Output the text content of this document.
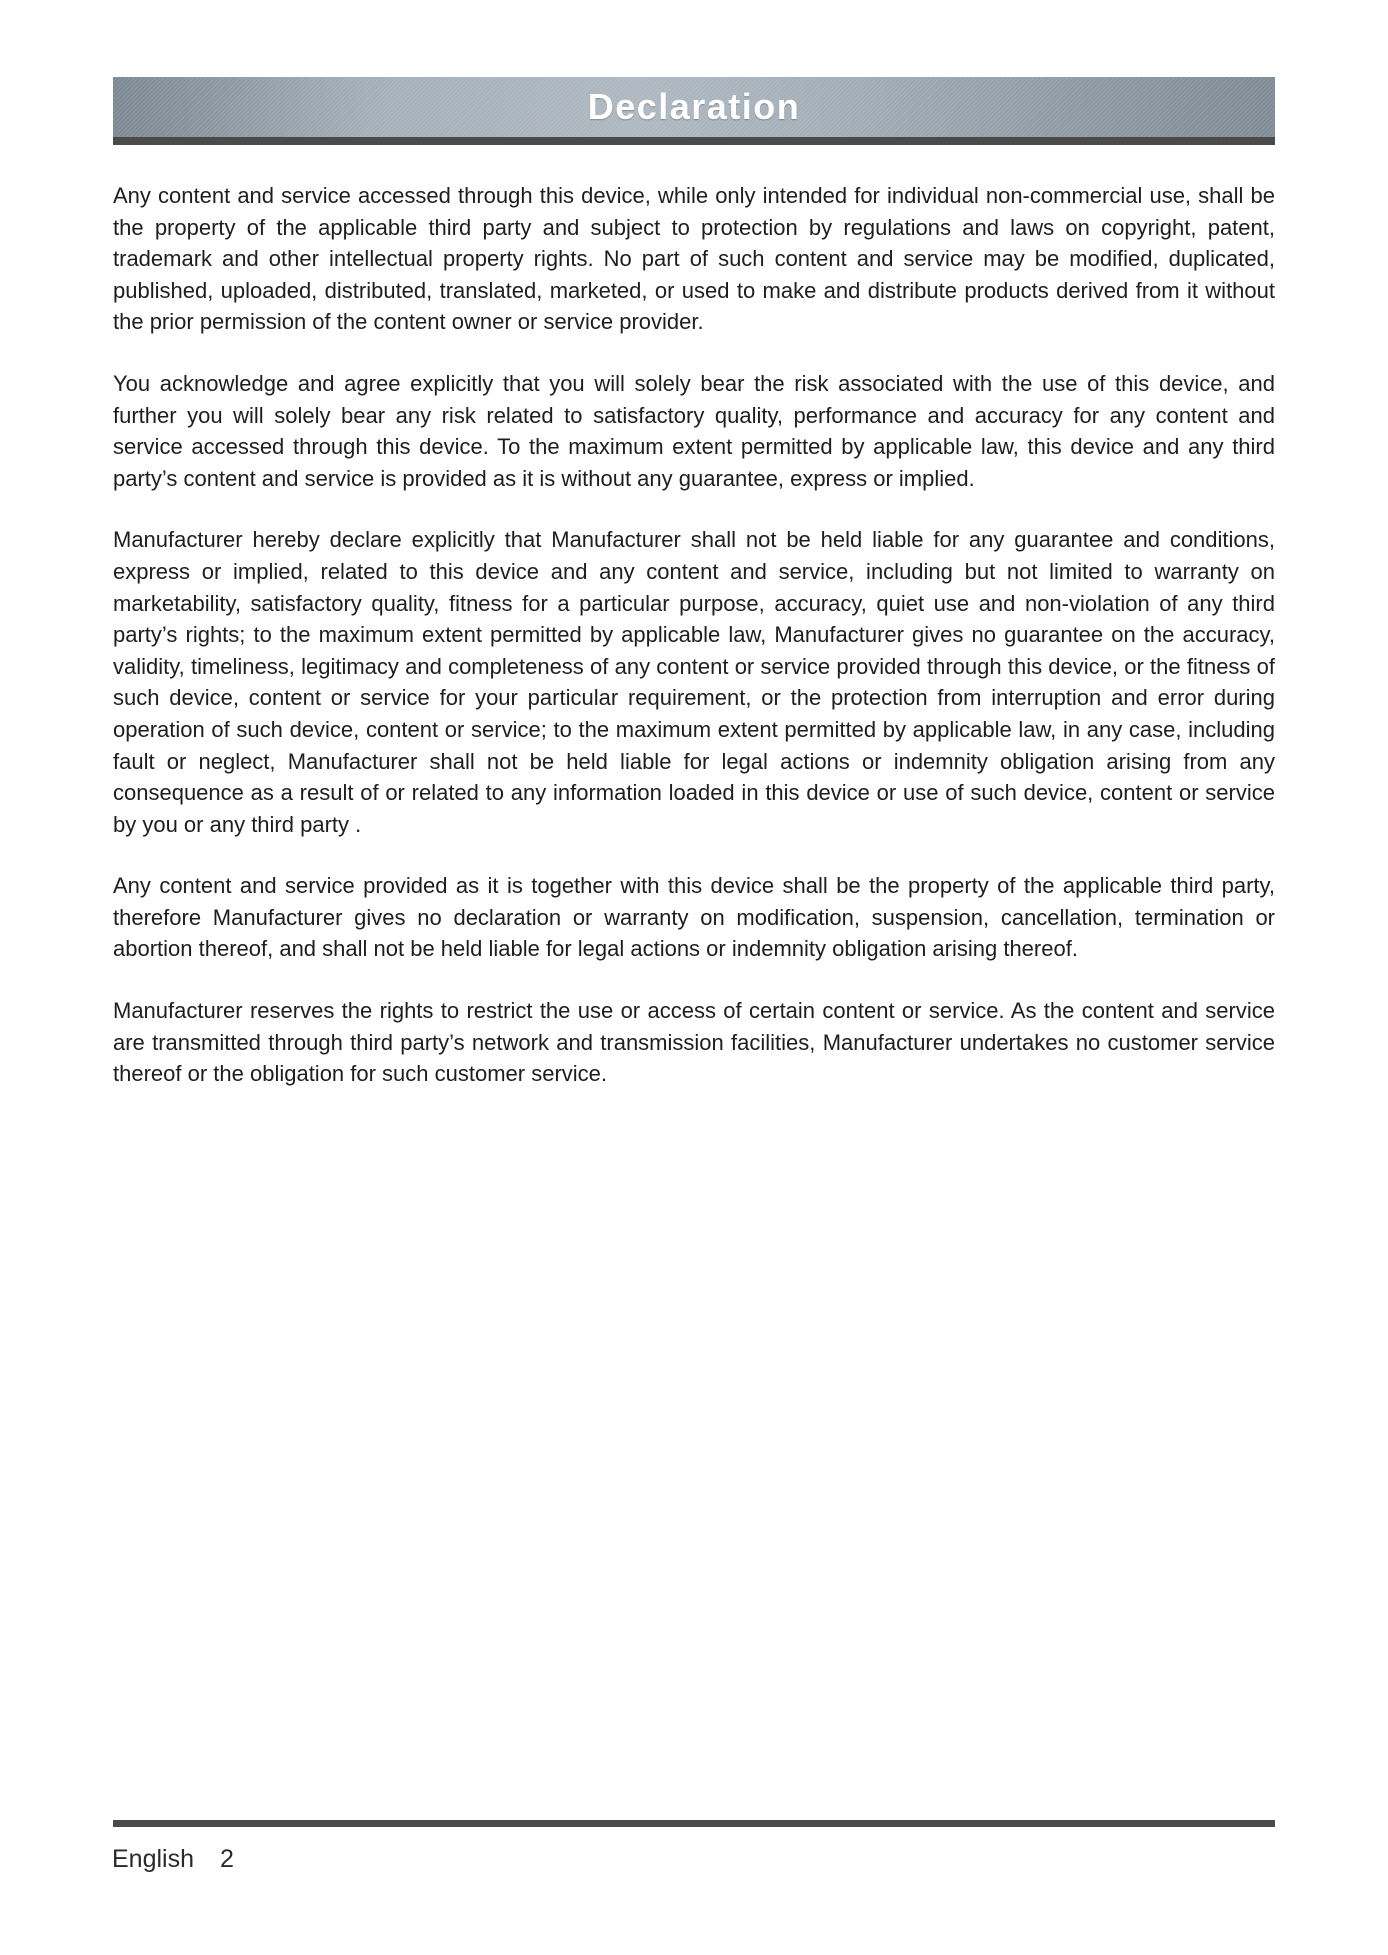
Declaration

Any content and service accessed through this device, while only intended for individual non-commercial use, shall be the property of the applicable third party and subject to protection by regulations and laws on copyright, patent, trademark and other intellectual property rights. No part of such content and service may be modified, duplicated, published, uploaded, distributed, translated, marketed, or used to make and distribute products derived from it without the prior permission of the content owner or service provider.

You acknowledge and agree explicitly that you will solely bear the risk associated with the use of this device, and further you will solely bear any risk related to satisfactory quality, performance and accuracy for any content and service accessed through this device. To the maximum extent permitted by applicable law, this device and any third party’s content and service is provided as it is without any guarantee, express or implied.

Manufacturer hereby declare explicitly that Manufacturer shall not be held liable for any guarantee and conditions, express or implied, related to this device and any content and service, including but not limited to warranty on marketability, satisfactory quality, fitness for a particular purpose, accuracy, quiet use and non-violation of any third party’s rights; to the maximum extent permitted by applicable law, Manufacturer gives no guarantee on the accuracy, validity, timeliness, legitimacy and completeness of any content or service provided through this device, or the fitness of such device, content or service for your particular requirement, or the protection from interruption and error during operation of such device, content or service; to the maximum extent permitted by applicable law, in any case, including fault or neglect, Manufacturer shall not be held liable for legal actions or indemnity obligation arising from any consequence as a result of or related to any information loaded in this device or use of such device, content or service by you or any third party .

Any content and service provided as it is together with this device shall be the property of the applicable third party, therefore Manufacturer gives no declaration or warranty on modification, suspension, cancellation, termination or abortion thereof, and shall not be held liable for legal actions or indemnity obligation arising thereof.

Manufacturer reserves the rights to restrict the use or access of certain content or service. As the content and service are transmitted through third party’s network and transmission facilities, Manufacturer undertakes no customer service thereof or the obligation for such customer service.

English 2
